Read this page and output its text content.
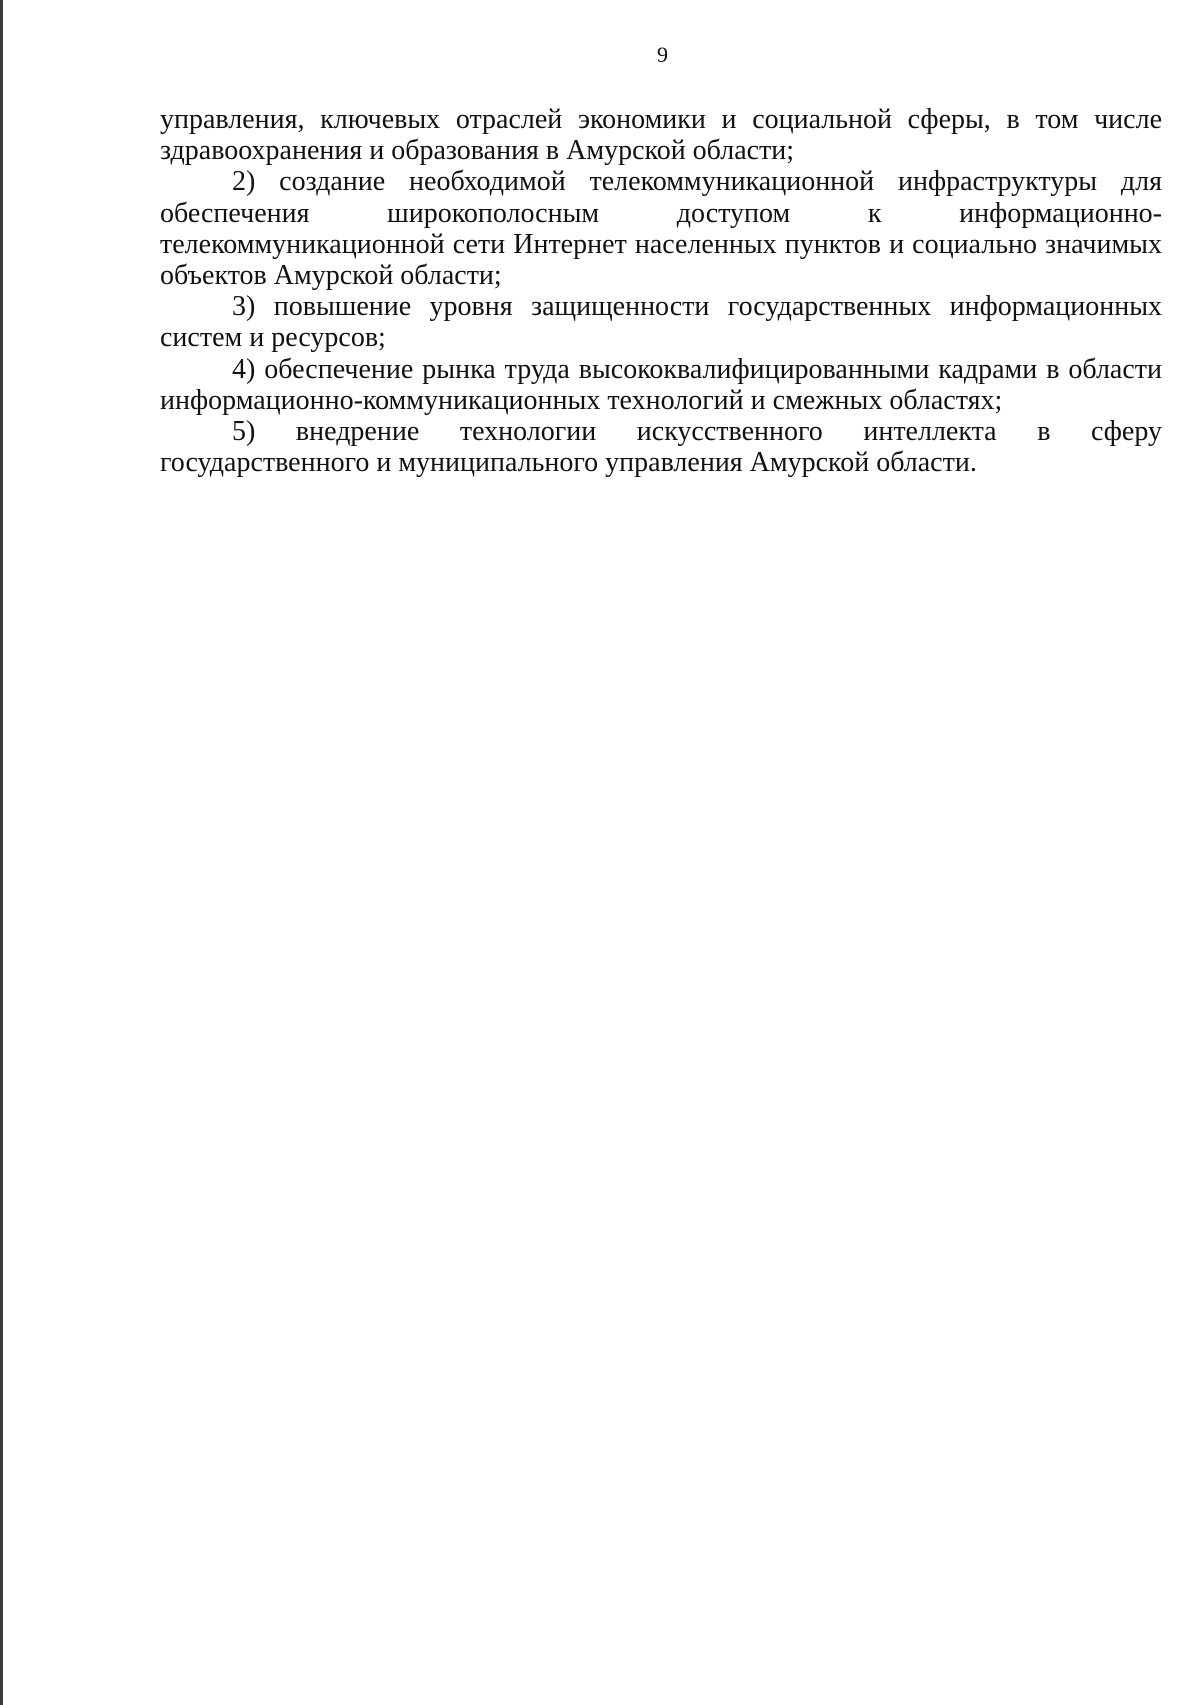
9

управления, ключевых отраслей экономики и социальной сферы, в том числе здравоохранения и образования в Амурской области;

2) создание необходимой телекоммуникационной инфраструктуры для обеспечения широкополосным доступом к информационно-телекоммуникационной сети Интернет населенных пунктов и социально значимых объектов Амурской области;

3) повышение уровня защищенности государственных информационных систем и ресурсов;

4) обеспечение рынка труда высококвалифицированными кадрами в области информационно-коммуникационных технологий и смежных областях;

5) внедрение технологии искусственного интеллекта в сферу государственного и муниципального управления Амурской области.
